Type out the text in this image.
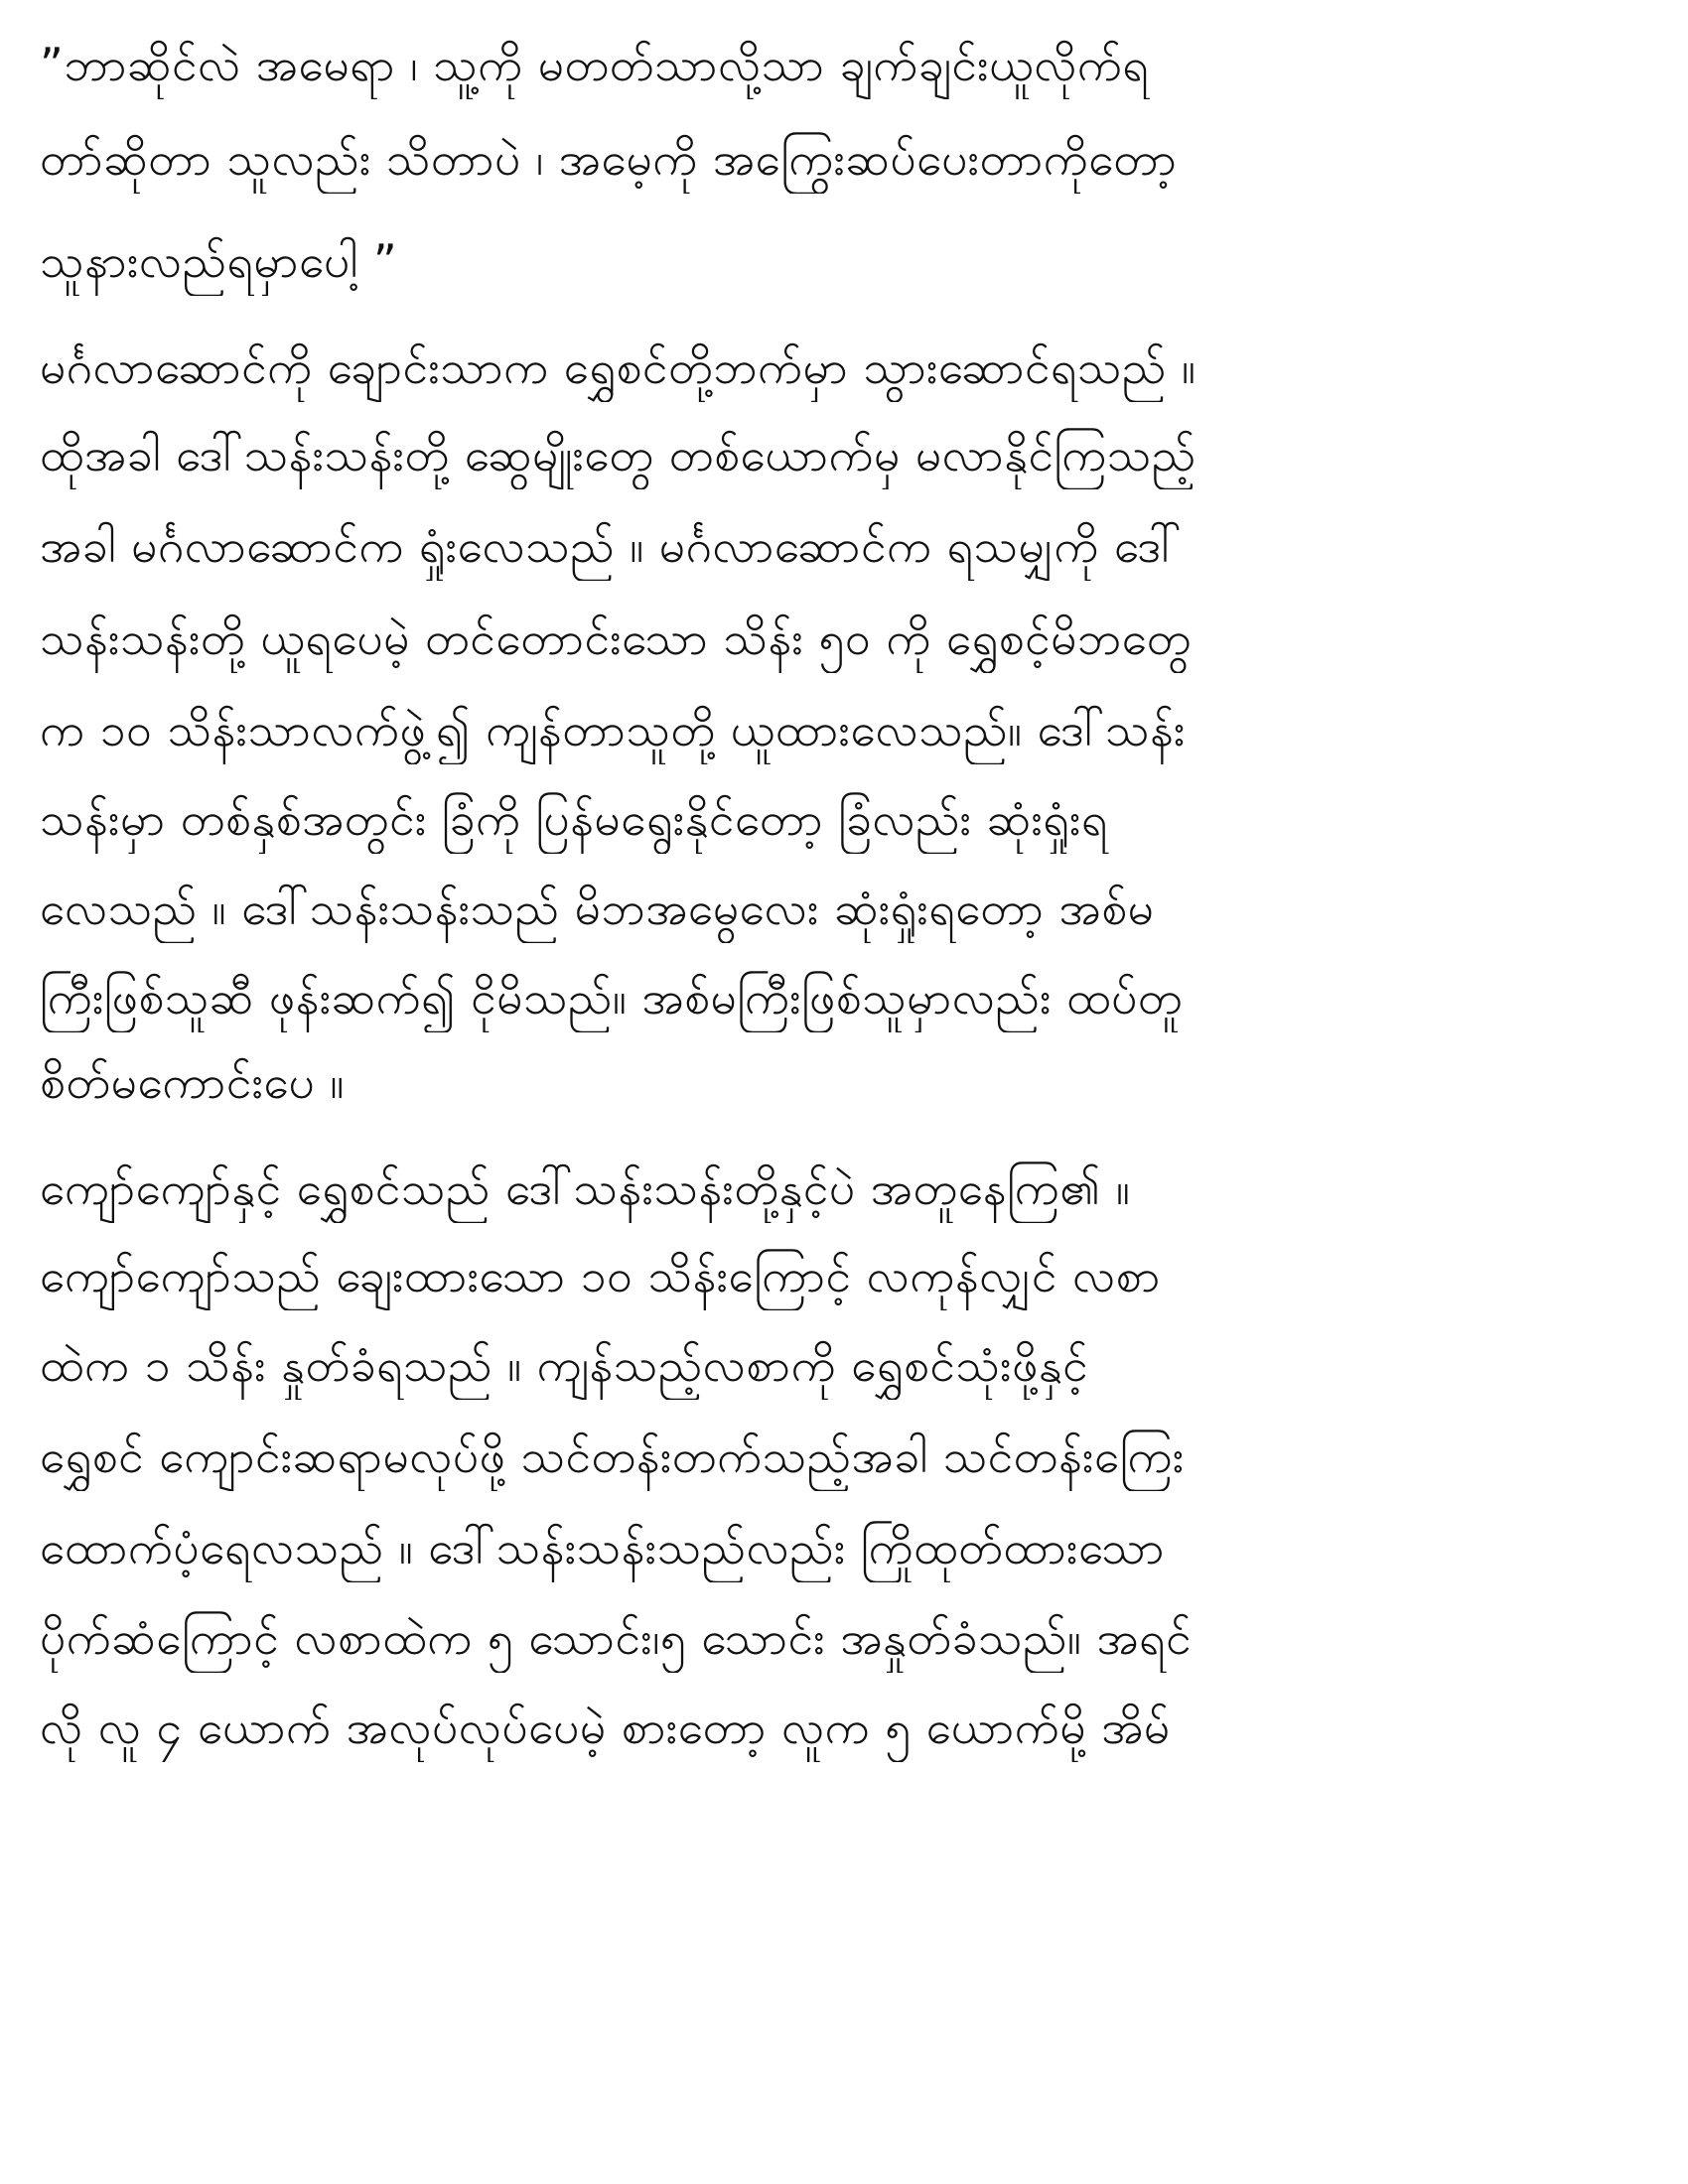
”ဘာဆိုင်လဲ အမေရာ ၊ သူ့ကို မတတ်သာလို့သာ ချက်ချင်းယူလိုက်ရ
တာ်ဆိုတာ သူလည်း သိတာပဲ ၊ အမေ့ကို အကြွေးဆပ်ပေးတာကိုတော့
သူနားလည်ရမှာပေါ့ ”
မင်္ဂလာဆောင်ကို ချောင်းသာက ရွှေစင်တို့ဘက်မှာ သွားဆောင်ရသည် ။
ထိုအခါ ဒေါ်သန်းသန်းတို့ ဆွေမျိုးတွေ တစ်ယောက်မှ မလာနိုင်ကြသည့်
အခါ မင်္ဂလာဆောင်က ရှုံးလေသည် ။ မင်္ဂလာဆောင်က ရသမျှကို ဒေါ်
သန်းသန်းတို့ ယူရပေမဲ့ တင်တောင်းသော သိန်း ၅၀ ကို ရွှေစင့်မိဘတွေ
က ၁၀ သိန်းသာလက်ဖွဲ့၍ ကျန်တာသူတို့ ယူထားလေသည်။ ဒေါ်သန်း
သန်းမှာ တစ်နှစ်အတွင်း ခြံကို ပြန်မရွေးနိုင်တော့ ခြံလည်း ဆုံးရှုံးရ
လေသည် ။ ဒေါ်သန်းသန်းသည် မိဘအမွေလေး ဆုံးရှုံးရတော့ အစ်မ
ကြီးဖြစ်သူဆီ ဖုန်းဆက်၍ ငိုမိသည်။ အစ်မကြီးဖြစ်သူမှာလည်း ထပ်တူ
စိတ်မကောင်းပေ ။
ကျော်ကျော်နှင့် ရွှေစင်သည် ဒေါ်သန်းသန်းတို့နှင့်ပဲ အတူနေကြ၏ ။
ကျော်ကျော်သည် ချေးထားသော ၁၀ သိန်းကြောင့် လကုန်လျှင် လစာ
ထဲက ၁ သိန်း နှုတ်ခံရသည် ။ ကျန်သည့်လစာကို ရွှေစင်သုံးဖို့နှင့်
ရွှေစင် ကျောင်းဆရာမလုပ်ဖို့ သင်တန်းတက်သည့်အခါ သင်တန်းကြေး
ထောက်ပံ့ရေလသည် ။ ဒေါ်သန်းသန်းသည်လည်း ကြိုထုတ်ထားသော
ပိုက်ဆံကြောင့် လစာထဲက ၅ သောင်း၊၅ သောင်း အနှုတ်ခံသည်။ အရင်
လို လူ ၄ ယောက် အလုပ်လုပ်ပေမဲ့ စားတော့ လူက ၅ ယောက်မို့ အိမ်
